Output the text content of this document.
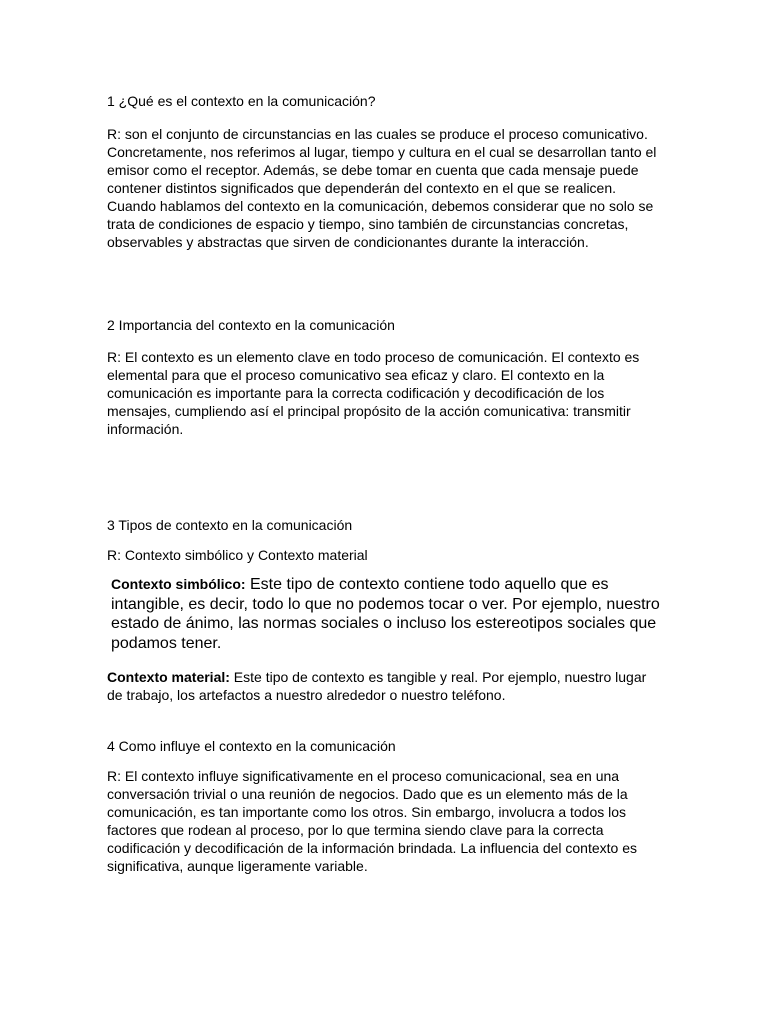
1 ¿Qué es el contexto en la comunicación?
R: son el conjunto de circunstancias en las cuales se produce el proceso comunicativo. Concretamente, nos referimos al lugar, tiempo y cultura en el cual se desarrollan tanto el emisor como el receptor. Además, se debe tomar en cuenta que cada mensaje puede contener distintos significados que dependerán del contexto en el que se realicen. Cuando hablamos del contexto en la comunicación, debemos considerar que no solo se trata de condiciones de espacio y tiempo, sino también de circunstancias concretas, observables y abstractas que sirven de condicionantes durante la interacción.
2 Importancia del contexto en la comunicación
R: El contexto es un elemento clave en todo proceso de comunicación. El contexto es elemental para que el proceso comunicativo sea eficaz y claro. El contexto en la comunicación es importante para la correcta codificación y decodificación de los mensajes, cumpliendo así el principal propósito de la acción comunicativa: transmitir información.
3 Tipos de contexto en la comunicación
R: Contexto simbólico y Contexto material
Contexto simbólico: Este tipo de contexto contiene todo aquello que es intangible, es decir, todo lo que no podemos tocar o ver. Por ejemplo, nuestro estado de ánimo, las normas sociales o incluso los estereotipos sociales que podamos tener.
Contexto material: Este tipo de contexto es tangible y real. Por ejemplo, nuestro lugar de trabajo, los artefactos a nuestro alrededor o nuestro teléfono.
4 Como influye el contexto en la comunicación
R: El contexto influye significativamente en el proceso comunicacional, sea en una conversación trivial o una reunión de negocios. Dado que es un elemento más de la comunicación, es tan importante como los otros. Sin embargo, involucra a todos los factores que rodean al proceso, por lo que termina siendo clave para la correcta codificación y decodificación de la información brindada. La influencia del contexto es significativa, aunque ligeramente variable.
